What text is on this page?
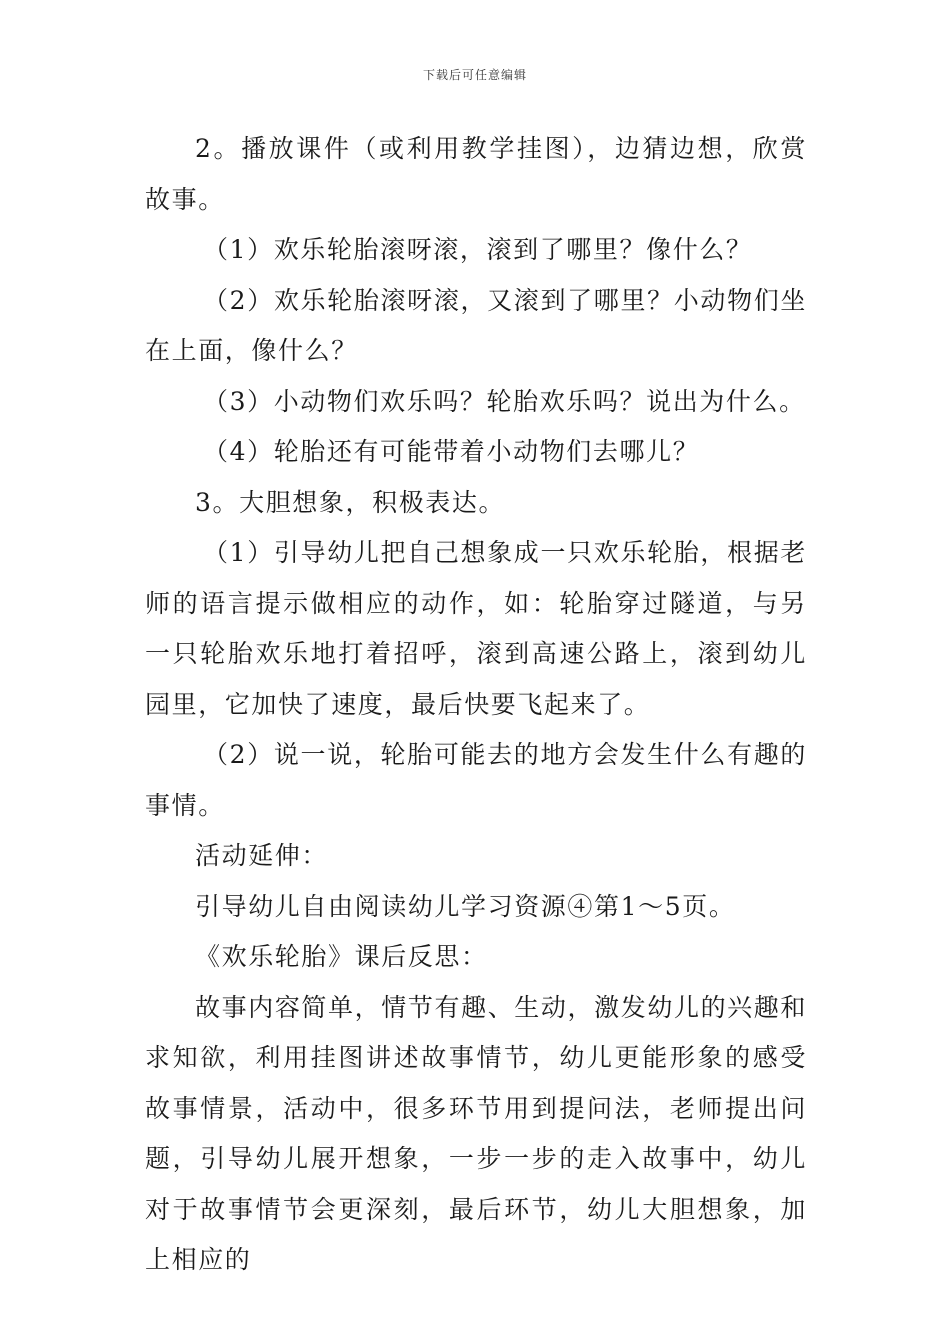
下载后可任意编辑

2。播放课件（或利用教学挂图），边猜边想，欣赏故事。

（1）欢乐轮胎滚呀滚，滚到了哪里？像什么？

（2）欢乐轮胎滚呀滚，又滚到了哪里？小动物们坐在上面，像什么？

（3）小动物们欢乐吗？轮胎欢乐吗？说出为什么。

（4）轮胎还有可能带着小动物们去哪儿？

3。大胆想象，积极表达。

（1）引导幼儿把自己想象成一只欢乐轮胎，根据老师的语言提示做相应的动作，如：轮胎穿过隧道，与另一只轮胎欢乐地打着招呼，滚到高速公路上，滚到幼儿园里，它加快了速度，最后快要飞起来了。

（2）说一说，轮胎可能去的地方会发生什么有趣的事情。

活动延伸：

引导幼儿自由阅读幼儿学习资源④第1～5页。

《欢乐轮胎》课后反思：

故事内容简单，情节有趣、生动，激发幼儿的兴趣和求知欲，利用挂图讲述故事情节，幼儿更能形象的感受故事情景，活动中，很多环节用到提问法，老师提出问题，引导幼儿展开想象，一步一步的走入故事中，幼儿对于故事情节会更深刻，最后环节，幼儿大胆想象，加上相应的
